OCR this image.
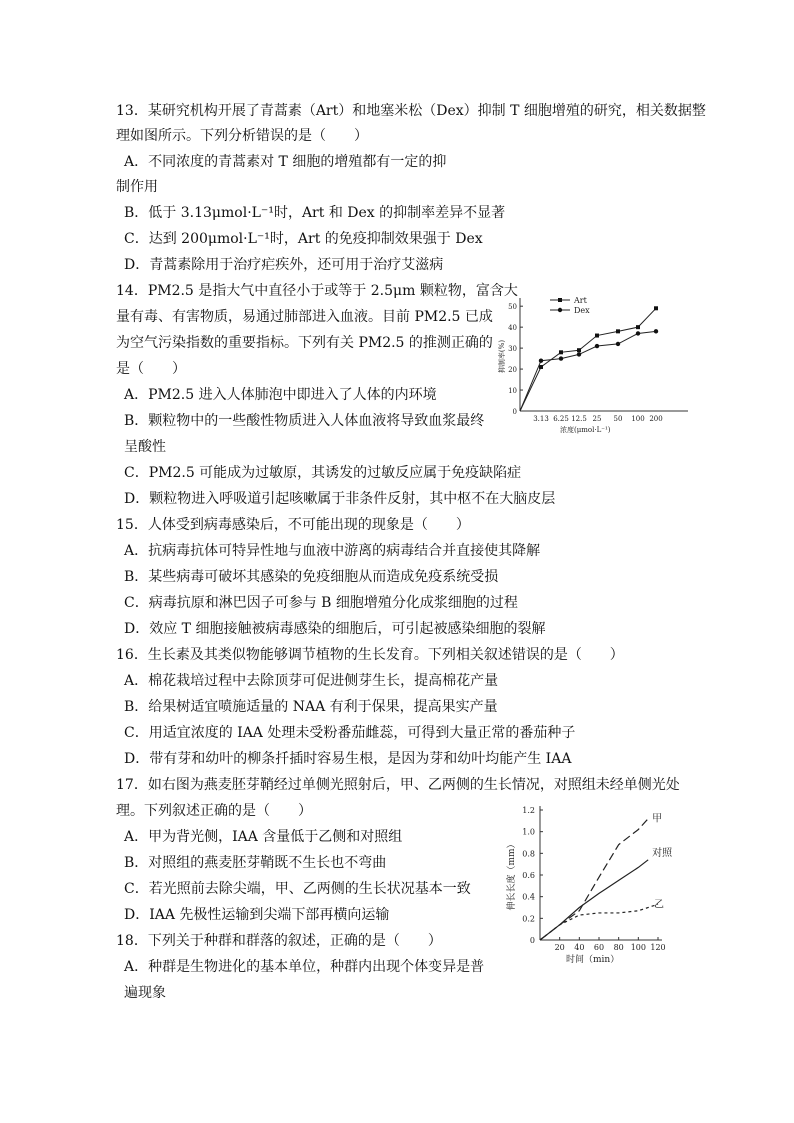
13．某研究机构开展了青蒿素（Art）和地塞米松（Dex）抑制 T 细胞增殖的研究，相关数据整
理如图所示。下列分析错误的是（　　）
A．不同浓度的青蒿素对 T 细胞的增殖都有一定的抑
制作用
B．低于 3.13μmol·L⁻¹时，Art 和 Dex 的抑制率差异不显著
C．达到 200μmol·L⁻¹时，Art 的免疫抑制效果强于 Dex
D．青蒿素除用于治疗疟疾外，还可用于治疗艾滋病
14．PM2.5 是指大气中直径小于或等于 2.5μm 颗粒物，富含大
量有毒、有害物质，易通过肺部进入血液。目前 PM2.5 已成
为空气污染指数的重要指标。下列有关 PM2.5 的推测正确的
是（　　）
A．PM2.5 进入人体肺泡中即进入了人体的内环境
B．颗粒物中的一些酸性物质进入人体血液将导致血浆最终
呈酸性
C．PM2.5 可能成为过敏原，其诱发的过敏反应属于免疫缺陷症
D．颗粒物进入呼吸道引起咳嗽属于非条件反射，其中枢不在大脑皮层
15．人体受到病毒感染后，不可能出现的现象是（　　）
A．抗病毒抗体可特异性地与血液中游离的病毒结合并直接使其降解
B．某些病毒可破坏其感染的免疫细胞从而造成免疫系统受损
C．病毒抗原和淋巴因子可参与 B 细胞增殖分化成浆细胞的过程
D．效应 T 细胞接触被病毒感染的细胞后，可引起被感染细胞的裂解
16．生长素及其类似物能够调节植物的生长发育。下列相关叙述错误的是（　　）
A．棉花栽培过程中去除顶芽可促进侧芽生长，提高棉花产量
B．给果树适宜喷施适量的 NAA 有利于保果，提高果实产量
C．用适宜浓度的 IAA 处理未受粉番茄雌蕊，可得到大量正常的番茄种子
D．带有芽和幼叶的柳条扦插时容易生根，是因为芽和幼叶均能产生 IAA
17．如右图为燕麦胚芽鞘经过单侧光照射后，甲、乙两侧的生长情况，对照组未经单侧光处
理。下列叙述正确的是（　　）
A．甲为背光侧，IAA 含量低于乙侧和对照组
B．对照组的燕麦胚芽鞘既不生长也不弯曲
C．若光照前去除尖端，甲、乙两侧的生长状况基本一致
D．IAA 先极性运输到尖端下部再横向运输
18．下列关于种群和群落的叙述，正确的是（　　）
A．种群是生物进化的基本单位，种群内出现个体变异是普
遍现象
0
10
20
30
40
50
3.13 6.25 12.5 25 50 100 200
浓度(μmol·L⁻¹)
抑制率(%)
Art
Dex
0
0.2
0.4
0.6
0.8
1.0
1.2
20 40 60 80 100 120
时间（min）
伸长长度（mm）
甲
对照
乙
